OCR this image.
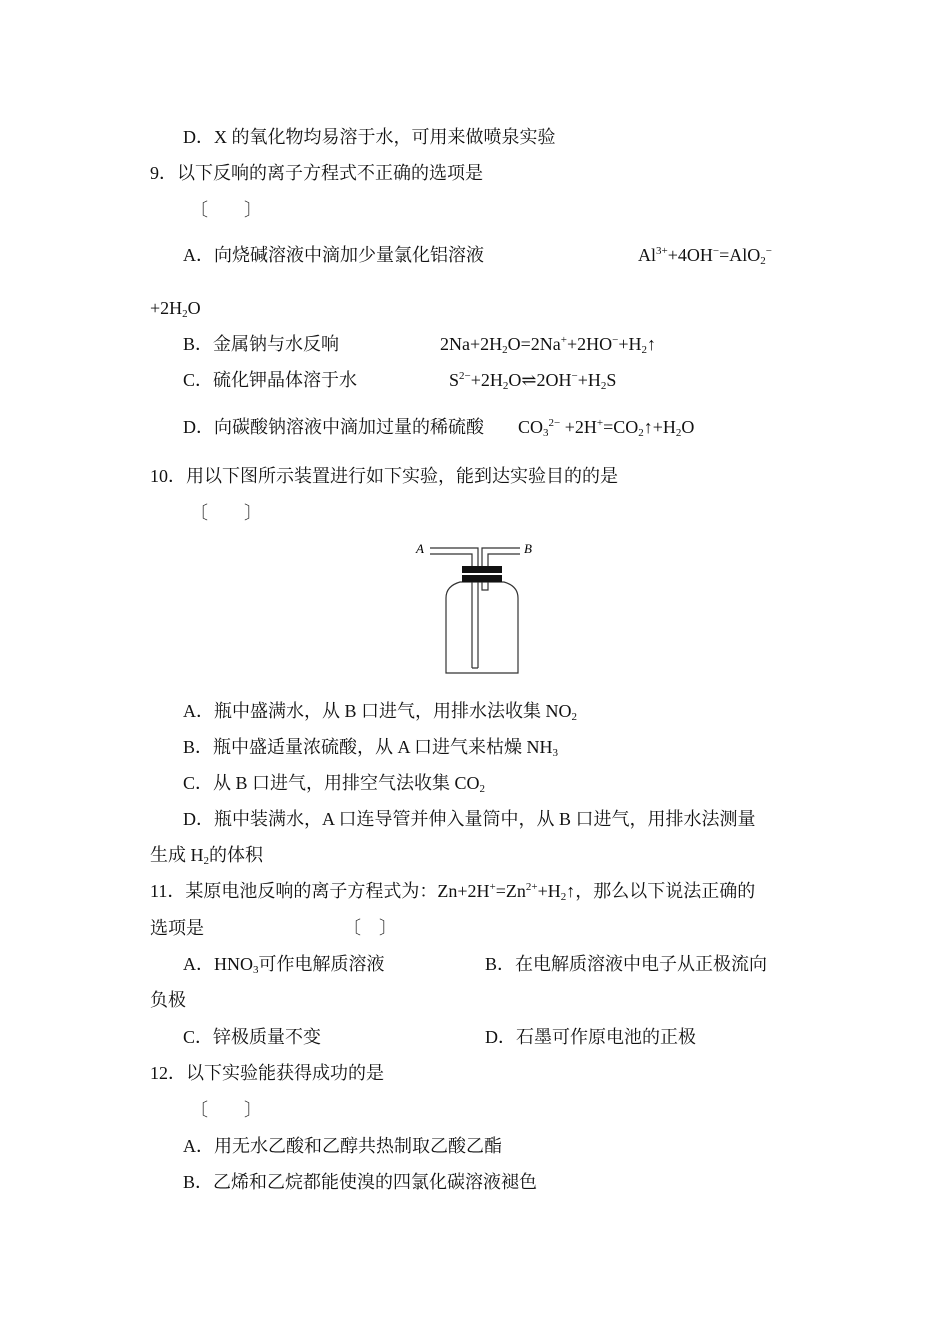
D．X 的氧化物均易溶于水，可用来做喷泉实验
9．以下反响的离子方程式不正确的选项是
〔　　〕
A．向烧碱溶液中滴加少量氯化铝溶液	$Al^{3+}+4OH^-=AlO_2^-$
$+2H_2O$
B．金属钠与水反响	$2Na+2H_2O=2Na^++2HO^-+H_2↑$
C．硫化钾晶体溶于水	$S^{2-}+2H_2O\rightleftharpoons 2OH^-+H_2S$
D．向碳酸钠溶液中滴加过量的稀硫酸 $CO_3^{2-}$ $+2H^+=CO_2↑+H_2O$
10．用以下图所示装置进行如下实验，能到达实验目的的是
〔　　〕
A	B
A．瓶中盛满水，从 B 口进气，用排水法收集 $NO_2$
B．瓶中盛适量浓硫酸，从 A 口进气来枯燥 $NH_3$
C．从 B 口进气，用排空气法收集 $CO_2$
D．瓶中装满水，A 口连导管并伸入量筒中，从 B 口进气，用排水法测量
生成 $H_2$的体积
11．某原电池反响的离子方程式为：$Zn+2H^+=Zn^{2+}+H_2↑$，那么以下说法正确的
选项是	〔　〕
A．$HNO_3$可作电解质溶液	B．在电解质溶液中电子从正极流向
负极
C．锌极质量不变	D．石墨可作原电池的正极
12．以下实验能获得成功的是
〔　　〕
A．用无水乙酸和乙醇共热制取乙酸乙酯
B．乙烯和乙烷都能使溴的四氯化碳溶液褪色
